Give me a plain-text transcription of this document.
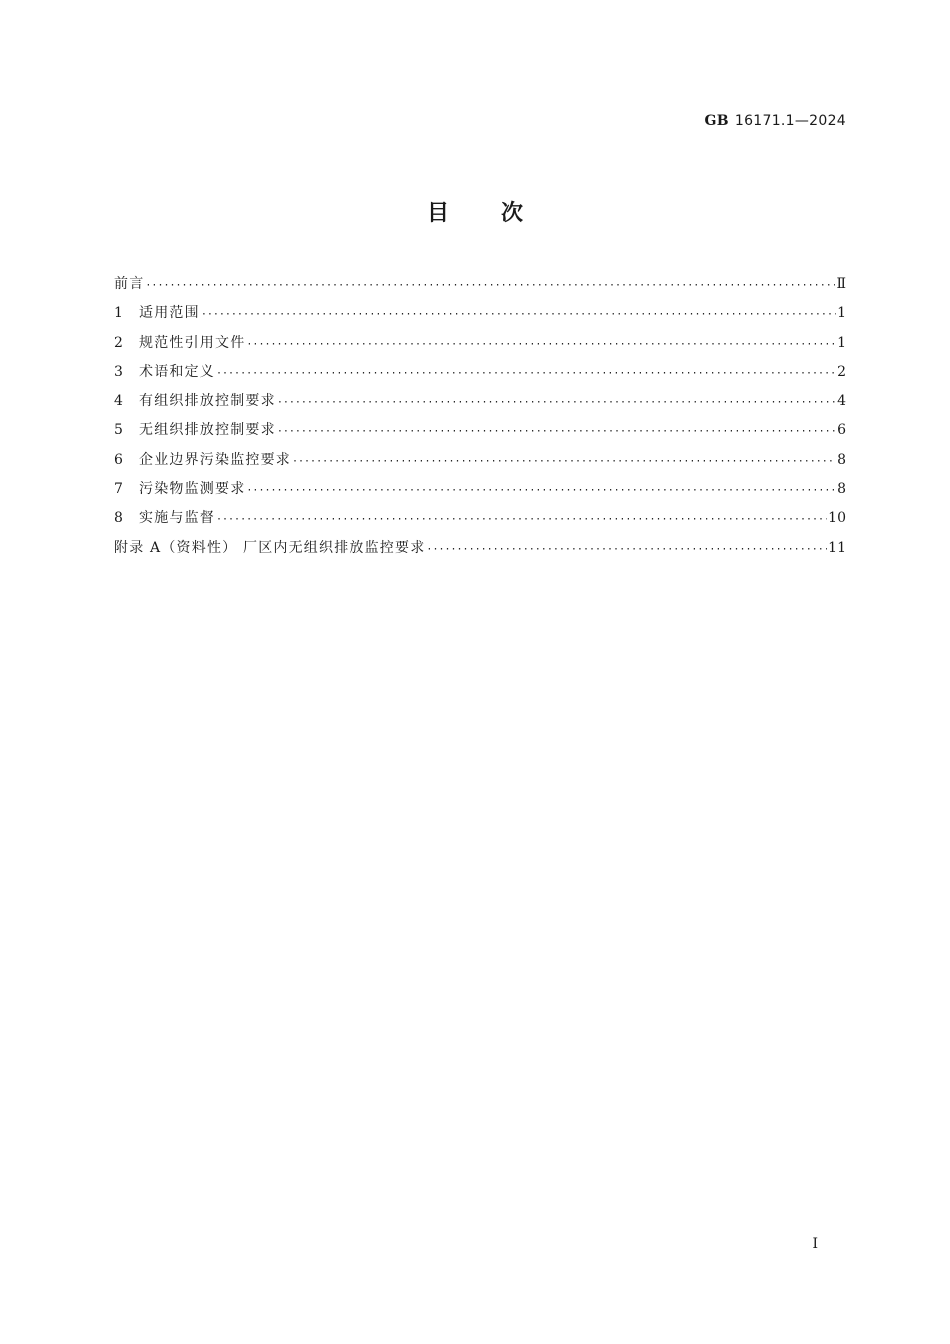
GB 16171.1—2024
目 次
前言 ·····	Ⅱ
1	适用范围 ·····	1
2	规范性引用文件 ·····	1
3	术语和定义 ·····	2
4	有组织排放控制要求 ·····	4
5	无组织排放控制要求 ·····	6
6	企业边界污染监控要求 ·····	8
7	污染物监测要求 ·····	8
8	实施与监督 ·····	10
附录 A（资料性） 厂区内无组织排放监控要求 ·····	11
Ⅰ
